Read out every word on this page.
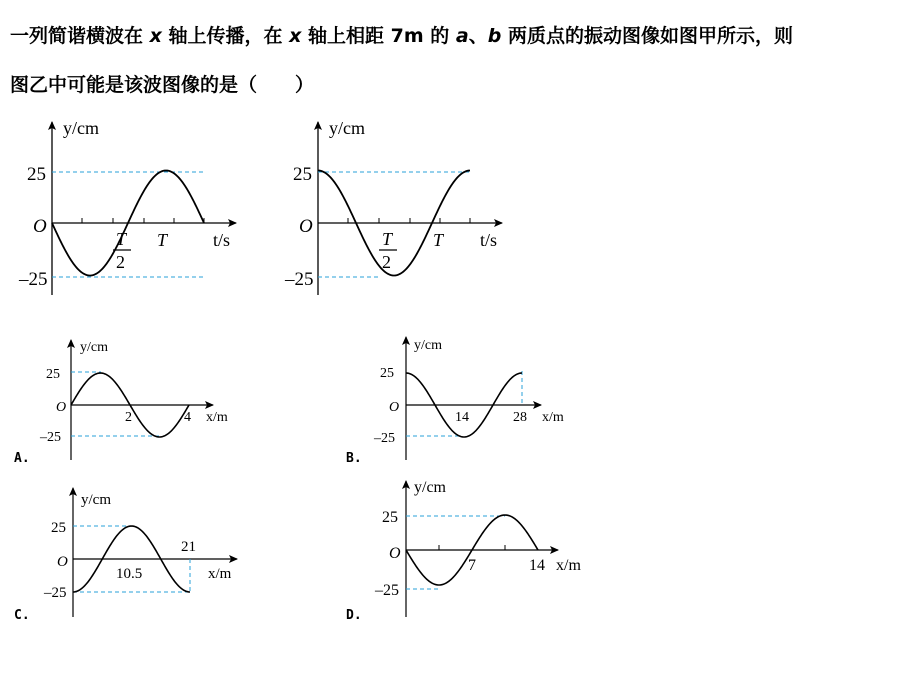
一列简谐横波在 x 轴上传播，在 x 轴上相距 7m 的 a、b 两质点的振动图像如图甲所示，则
图乙中可能是该波图像的是（　　）
y/cm
25
–25
O
T
2
T	t/s
y/cm
25
–25
O
T
2
T t/s
y/cm
25
–25
O
2	4 x/m
A.
y/cm
25
–25
O
14	28 x/m
B.
y/cm
25
–25
O
10.5
21
x/m
C.
y/cm
25
–25
O
7	14 x/m
D.
